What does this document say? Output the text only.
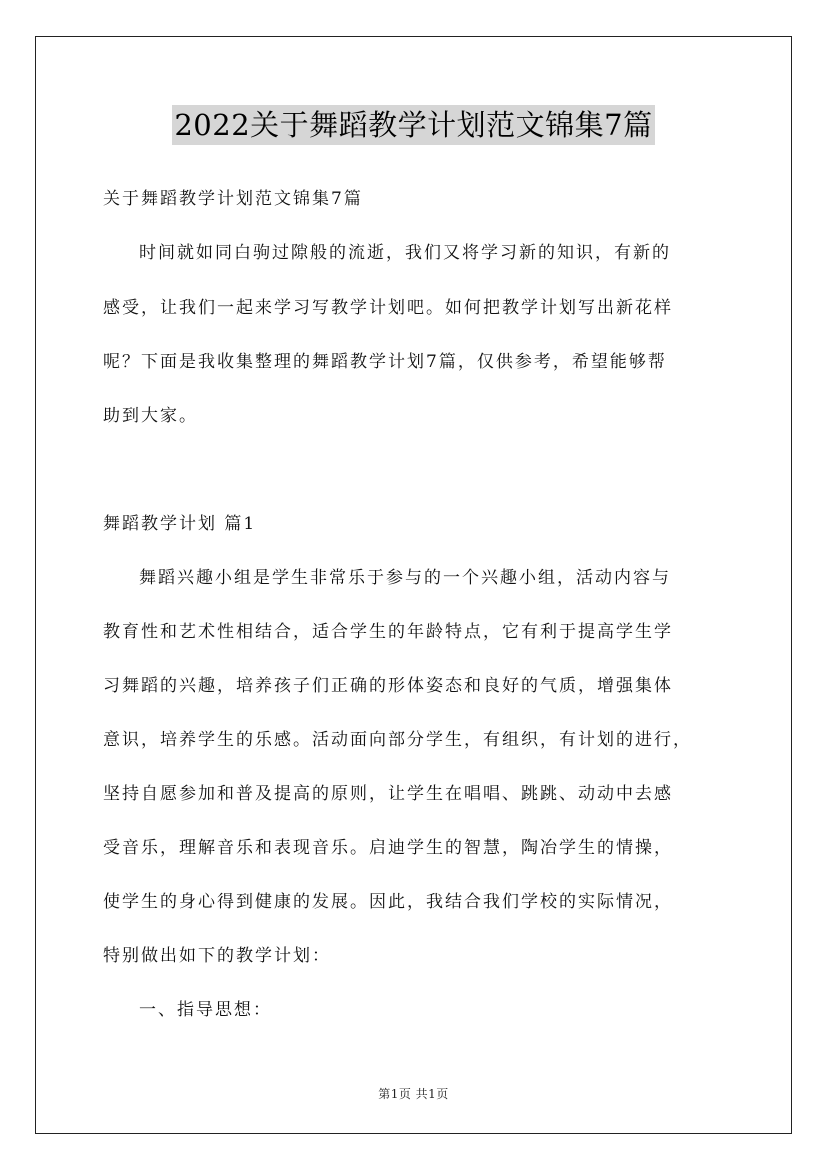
2022关于舞蹈教学计划范文锦集7篇
关于舞蹈教学计划范文锦集7篇
时间就如同白驹过隙般的流逝，我们又将学习新的知识，有新的
感受，让我们一起来学习写教学计划吧。如何把教学计划写出新花样
呢？下面是我收集整理的舞蹈教学计划7篇，仅供参考，希望能够帮
助到大家。
舞蹈教学计划 篇1
舞蹈兴趣小组是学生非常乐于参与的一个兴趣小组，活动内容与
教育性和艺术性相结合，适合学生的年龄特点，它有利于提高学生学
习舞蹈的兴趣，培养孩子们正确的形体姿态和良好的气质，增强集体
意识，培养学生的乐感。活动面向部分学生，有组织，有计划的进行，
坚持自愿参加和普及提高的原则，让学生在唱唱、跳跳、动动中去感
受音乐，理解音乐和表现音乐。启迪学生的智慧，陶冶学生的情操，
使学生的身心得到健康的发展。因此，我结合我们学校的实际情况，
特别做出如下的教学计划：
一、指导思想：
第1页 共1页
